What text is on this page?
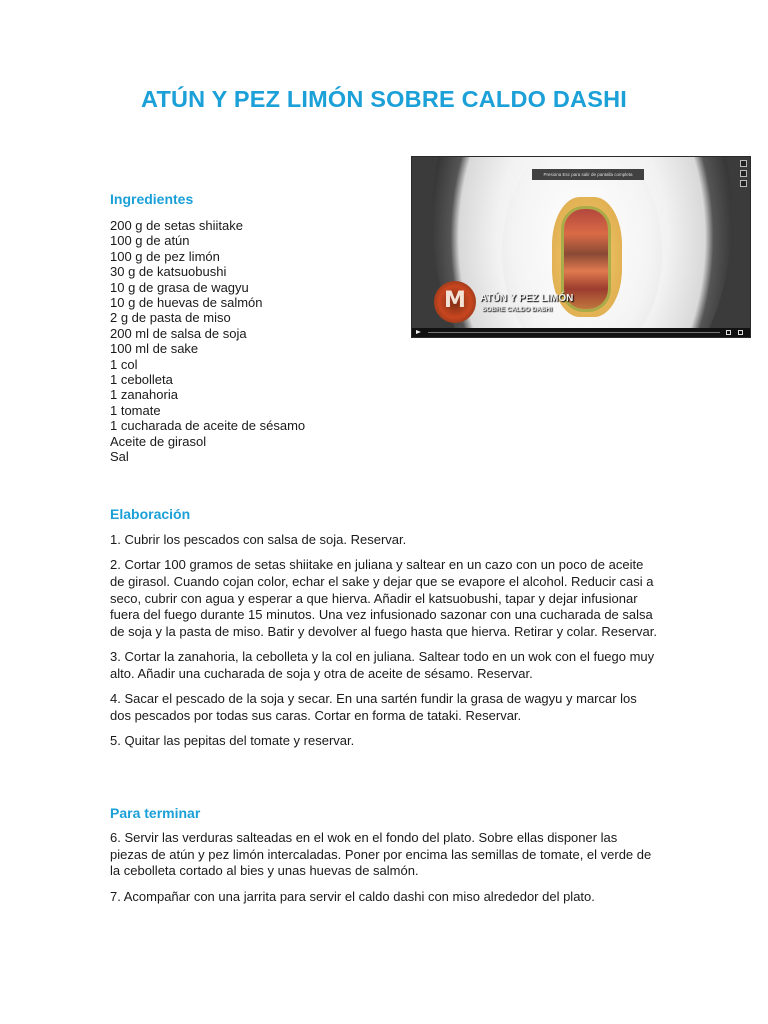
ATÚN Y PEZ LIMÓN SOBRE CALDO DASHI
Ingredientes
200 g de setas shiitake
100 g de atún
100 g de pez limón
30 g de katsuobushi
10 g de grasa de wagyu
10 g de huevas de salmón
2 g de pasta de miso
200 ml de salsa de soja
100 ml de sake
1 col
1 cebolleta
1 zanahoria
1 tomate
1 cucharada de aceite de sésamo
Aceite de girasol
Sal
Presiona Esc para salir de pantalla completa
M	ATÚN Y PEZ LIMÓN
SOBRE CALDO DASHI
Elaboración

1. Cubrir los pescados con salsa de soja. Reservar.

2. Cortar 100 gramos de setas shiitake en juliana y saltear en un cazo con un poco de aceite de girasol. Cuando cojan color, echar el sake y dejar que se evapore el alcohol. Reducir casi a seco, cubrir con agua y esperar a que hierva. Añadir el katsuobushi, tapar y dejar infusionar fuera del fuego durante 15 minutos. Una vez infusionado sazonar con una cucharada de salsa de soja y la pasta de miso. Batir y devolver al fuego hasta que hierva. Retirar y colar. Reservar.

3. Cortar la zanahoria, la cebolleta y la col en juliana. Saltear todo en un wok con el fuego muy alto. Añadir una cucharada de soja y otra de aceite de sésamo. Reservar.

4. Sacar el pescado de la soja y secar. En una sartén fundir la grasa de wagyu y marcar los dos pescados por todas sus caras. Cortar en forma de tataki. Reservar.

5. Quitar las pepitas del tomate y reservar.

Para terminar

6. Servir las verduras salteadas en el wok en el fondo del plato. Sobre ellas disponer las piezas de atún y pez limón intercaladas. Poner por encima las semillas de tomate, el verde de la cebolleta cortado al bies y unas huevas de salmón.

7. Acompañar con una jarrita para servir el caldo dashi con miso alrededor del plato.
